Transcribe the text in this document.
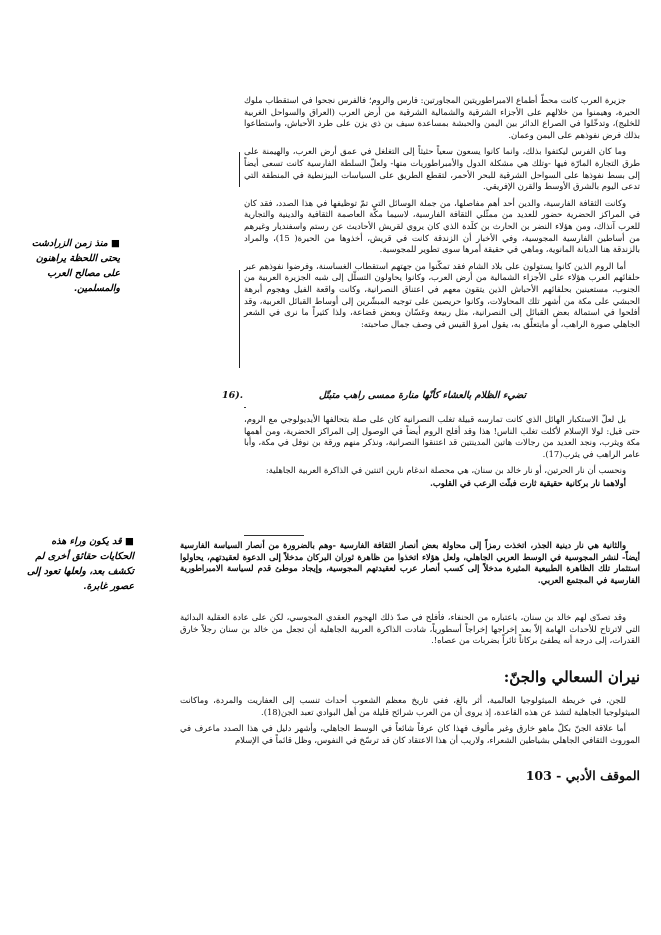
جزيرة العرب كانت محطّ أطماع الامبراطوريتين المجاورتين: فارس والروم؛ فالفرس نجحوا في استقطاب ملوك الحيرة، وهيمنوا من خلالهم على الأجزاء الشرقية والشمالية الشرقية من أرض العرب (العراق والسواحل الغربية للخليج)، وتدخّلوا في الصراع الدائر بين اليمن والحبشة بمساعدة سيف بن ذي يزن على طرد الأحباش، واستطاعوا بذلك فرض نفوذهم على اليمن وعمان.

وما كان الفرس ليكتفوا بذلك، وانما كانوا يسعون سعياً حثيثاً إلى التغلغل في عمق أرض العرب، والهيمنة على طرق التجارة المارّة فيها -وتلك هي مشكلة الدول والأمبراطوريات منها- ولعلّ السلطة الفارسية كانت تسعى أيضاً إلى بسط نفوذها على السواحل الشرقية للبحر الأحمر، لتقطع الطريق على السياسات البيزنطية في المنطقة التي تدعى اليوم بالشرق الأوسط والقرن الإفريقي.

وكانت الثقافة الفارسية، والدين أحد أهم مفاصلها، من جملة الوسائل التي تمّ توظيفها في هذا الصدد، فقد كان في المراكز الحضرية حضور للعديد من ممثّلي الثقافة الفارسية، لاسيما مكّة العاصمة الثقافية والدينية والتجارية للعرب آنذاك، ومن هؤلاء النضر بن الحارث بن كلَدة الذي كان يروي لقريش الأحاديث عن رستم واسفنديار وغيرهم من أساطين الفارسية المجوسية، وفي الأخبار أن الزندقة كانت في قريش، أخذوها من الحيرة( 15)، والمراد بالزندقة هنا الديانة المانوية، وماهي في حقيقة أمرها سوى تطوير للمجوسية.

أما الروم الذين كانوا يستولون على بلاد الشام فقد تمكّنوا من جهتهم استقطاب الغساسنة، وفرضوا نفوذهم عبر حلفائهم العرب هؤلاء على الأجزاء الشمالية من أرض العرب، وكانوا يحاولون التسلّل إلى شبه الجزيرة العربية من الجنوب، مستعينين بحلفائهم الأحباش الذين يتقون معهم في اعتناق النصرانية، وكانت واقعة الفيل وهجوم أبرهة الحبشي على مكة من أشهر تلك المحاولات، وكانوا حريصين على توجيه المبشّرين إلى أوساط القبائل العربية، وقد أفلحوا في استمالة بعض القبائل إلى النصرانية، مثل ربيعة وغسّان وبعض قضاعة، ولذا كثيراً ما نرى في الشعر الجاهلي صورة الراهب، أو مايتعلّق به، يقول امرؤ القيس في وصف جمال صاحبته:

■ منذ زمن الزرادشت يحتى اللحظة يراهنون على مصالح العرب والمسلمين.
تضيء الظلام بالعشاء كأنّها منارة ممسى راهب متبتّل
16).

بل لعلّ الاستكبار الهائل الذي كانت تمارسه قبيلة تغلب النصرانية كان على صلة بتحالفها الأيديولوجي مع الروم، حتى قيل: لولا الإسلام لأكلت تغلب الناس! هذا وقد أفلح الروم أيضاً في الوصول إلى المراكز الحضرية، ومن أهمها مكة ويثرب، ونجد العديد من رجالات هاتين المدينتين قد اعتنقوا النصرانية، ونذكر منهم ورقة بن نوفل في مكة، وأبا عامر الراهب في يثرب(17).

ونحسب أن نار الحرتين، أو نار خالد بن سنان، هي محصلة اندغام نارين اثنتين في الذاكرة العربية الجاهلية:

أولاهما نار بركانية حقيقية ثارت فبثّت الرعب في القلوب.

والثانية هي نار دينية الجذر، اتخذت رمزاً إلى محاولة بعض أنصار الثقافة الفارسية -وهم بالضرورة من أنصار السياسة الفارسية أيضاً- لنشر المجوسية في الوسط العربي الجاهلي، ولعل هؤلاء اتخذوا من ظاهرة ثوران البركان مدخلاً إلى الدعوة لعقيدتهم، يحاولوا استثمار تلك الظاهرة الطبيعية المثيرة مدخلاً إلى كسب أنصار عرب لعقيدتهم المجوسية، وإيجاد موطئ قدم لسياسة الامبراطورية الفارسية في المجتمع العربي.

■ قد يكون وراء هذه الحكايات حقائق أخرى لم تكشف بعد، ولعلها تعود إلى عصور غابرة.

وقد تصدّى لهم خالد بن سنان، باعتباره من الحنفاء، فأفلح في صدّ ذلك الهجوم العقدي المجوسي، لكن على عادة العقلية البدائية التي لاترتاح للأحداث الهامة إلاّ بعد إخراجها إخراجاً أسطورياً، شادت الذاكرة العربية الجاهلية أن تجعل من خالد بن سنان رجلاً خارق القدرات، إلى درجة أنه يطفئ بركاناً ثائراً بضربات من عصاه!.

نيران السعالي والجنّ:

للجن، في خريطة الميثولوجيا العالمية، أثر بالغ، ففي تاريخ معظم الشعوب أحداث تنسب إلى العفاريت والمردة، وماكانت الميثولوجيا الجاهلية لتشذ عن هذه القاعدة، إذ يروى أن من العرب شرائح قليلة من أهل البوادي تعبد الجن(18).

أما علاقة الجنّ بكلّ ماهو خارق وغير مألوف فهذا كان عرفاً شائعاً في الوسط الجاهلي، وأشهر دليل في هذا الصدد ماعرف في الموروث الثقافي الجاهلي بشياطين الشعراء، ولاريب أن هذا الاعتقاد كان قد ترسّخ في النفوس، وظل قائماً في الإسلام

الموقف الأدبي - 103
